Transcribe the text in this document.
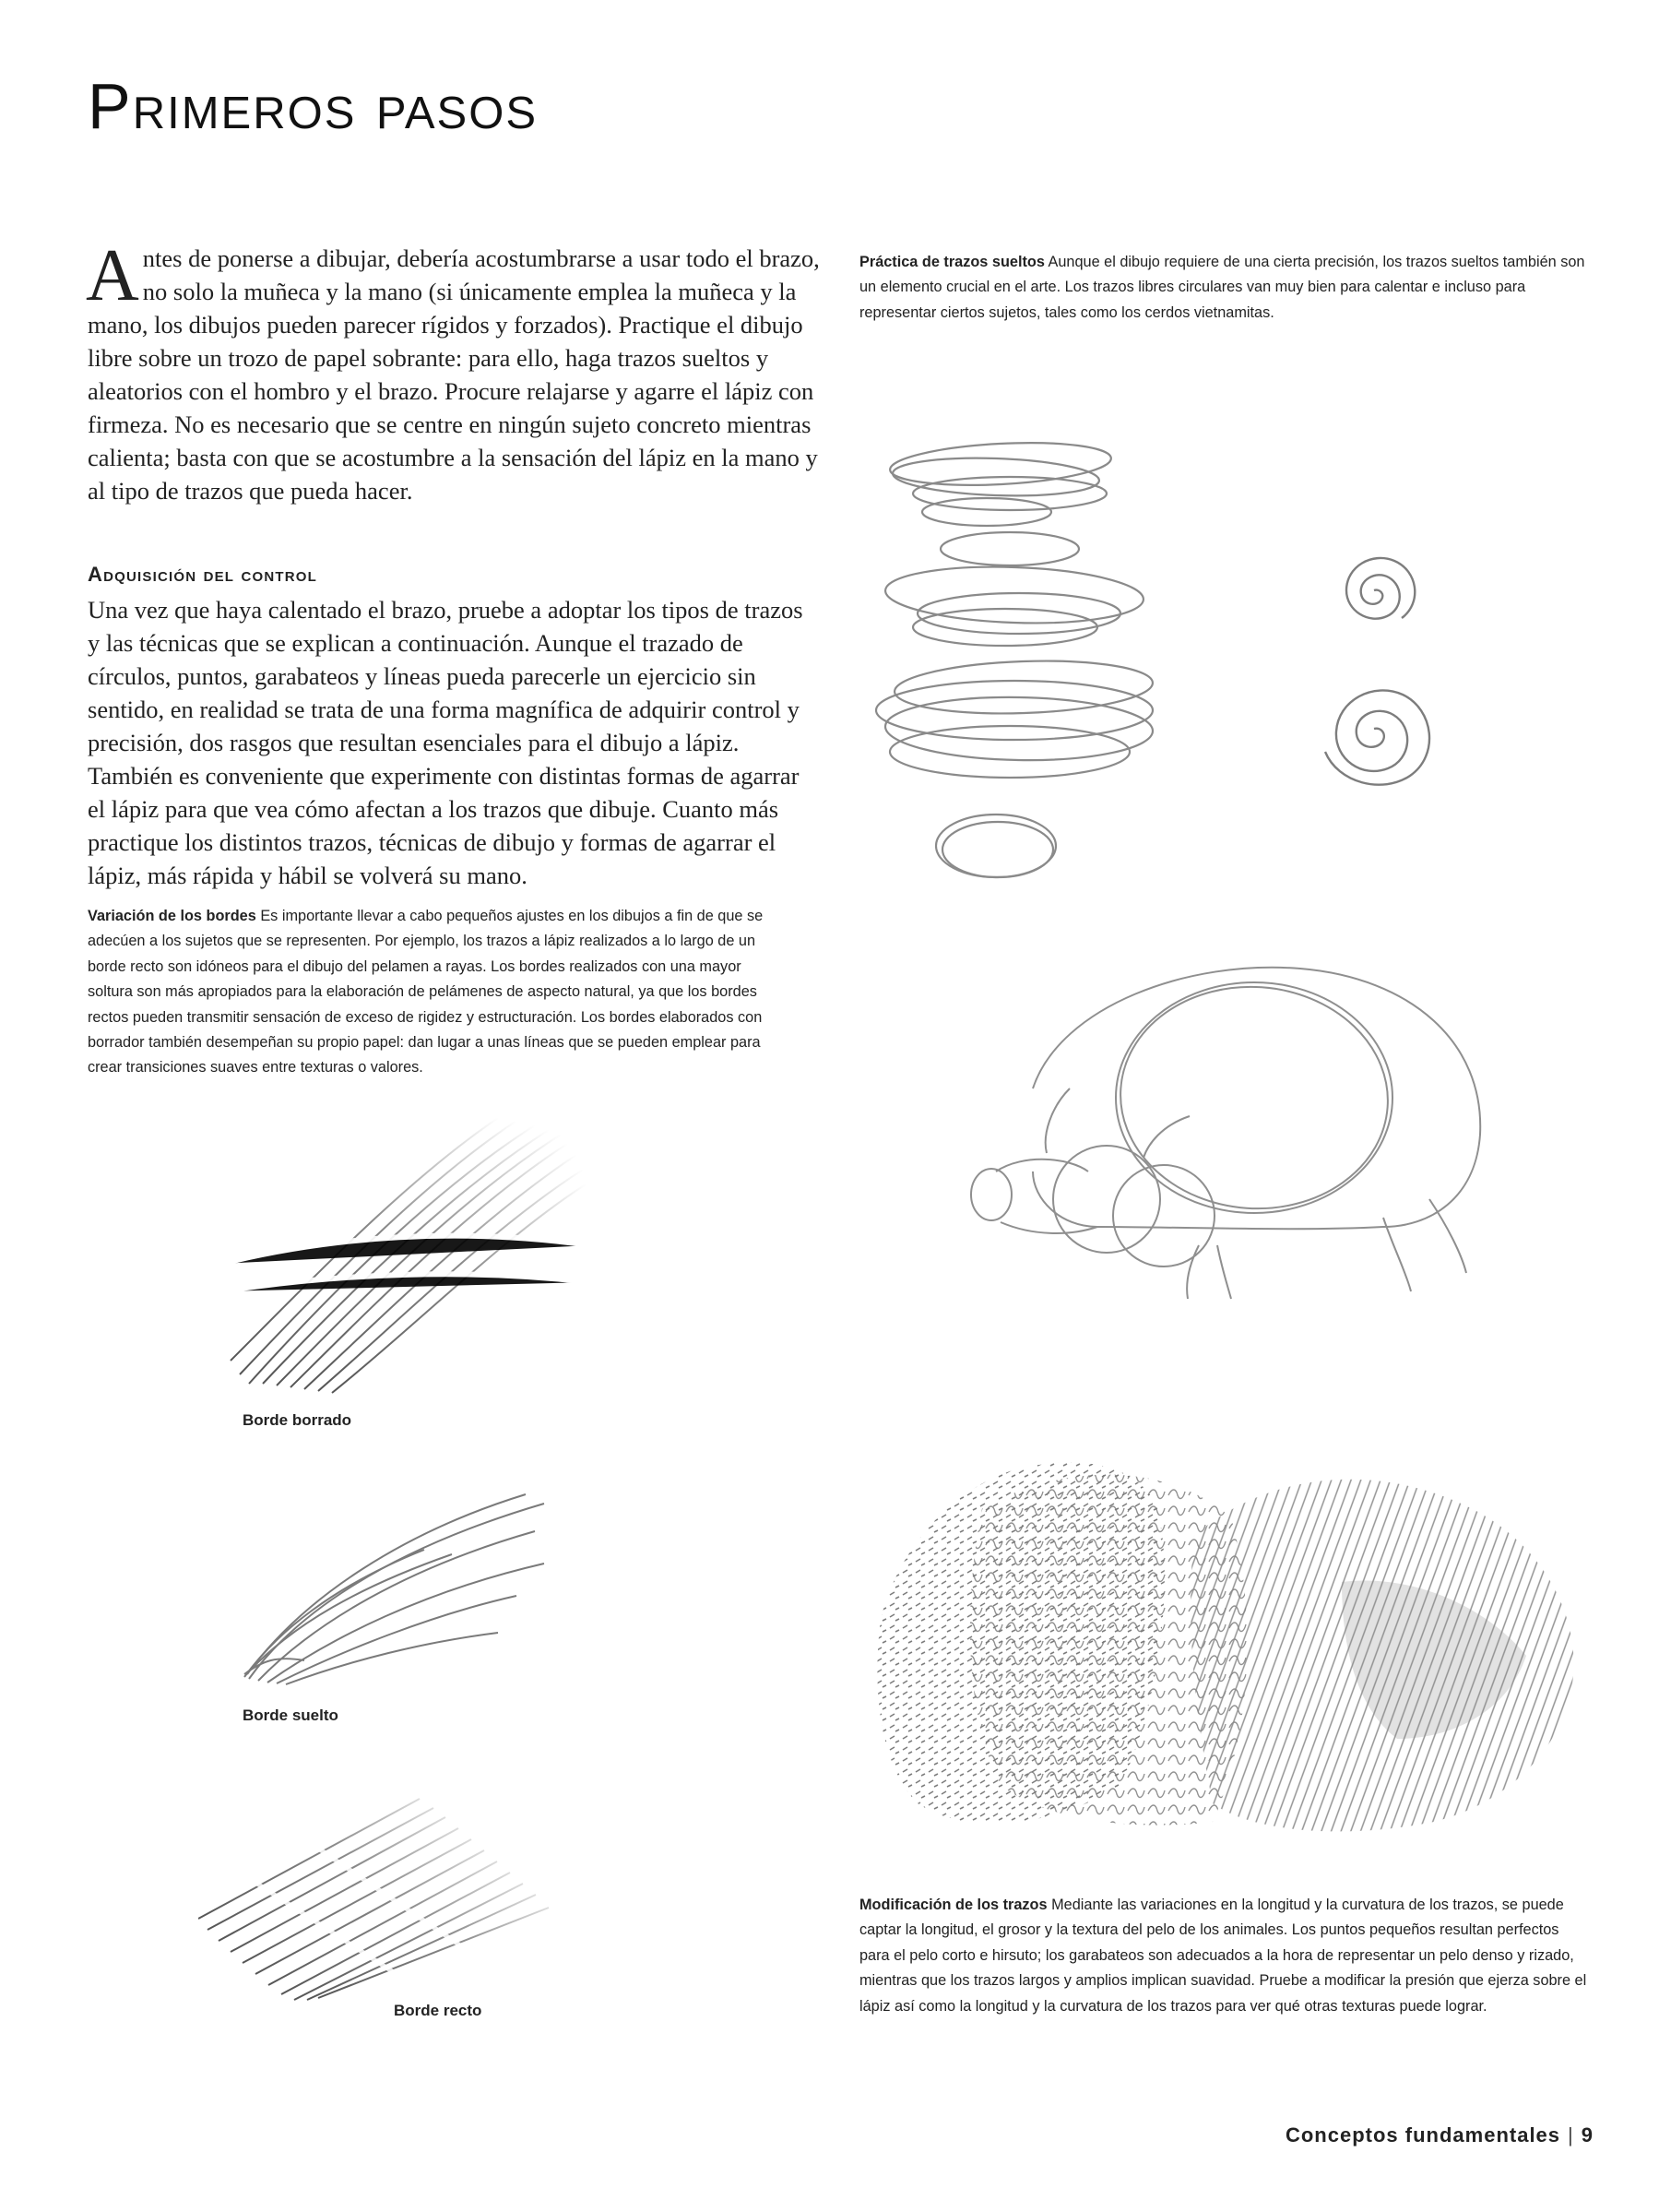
Primeros pasos

A ntes de ponerse a dibujar, debería acostumbrarse a usar todo el brazo, no solo la muñeca y la mano (si únicamente emplea la muñeca y la mano, los dibujos pueden parecer rígidos y forzados). Practique el dibujo libre sobre un trozo de papel sobrante: para ello, haga trazos sueltos y aleatorios con el hombro y el brazo. Procure relajarse y agarre el lápiz con firmeza. No es necesario que se centre en ningún sujeto concreto mientras calienta; basta con que se acostumbre a la sensación del lápiz en la mano y al tipo de trazos que pueda hacer.

Adquisición del control

Una vez que haya calentado el brazo, pruebe a adoptar los tipos de trazos y las técnicas que se explican a continuación. Aunque el trazado de círculos, puntos, garabateos y líneas pueda parecerle un ejercicio sin sentido, en realidad se trata de una forma magnífica de adquirir control y precisión, dos rasgos que resultan esenciales para el dibujo a lápiz. También es conveniente que experimente con distintas formas de agarrar el lápiz para que vea cómo afectan a los trazos que dibuje. Cuanto más practique los distintos trazos, técnicas de dibujo y formas de agarrar el lápiz, más rápida y hábil se volverá su mano.

Variación de los bordes Es importante llevar a cabo pequeños ajustes en los dibujos a fin de que se adecúen a los sujetos que se representen. Por ejemplo, los trazos a lápiz realizados a lo largo de un borde recto son idóneos para el dibujo del pelamen a rayas. Los bordes realizados con una mayor soltura son más apropiados para la elaboración de pelámenes de aspecto natural, ya que los bordes rectos pueden transmitir sensación de exceso de rigidez y estructuración. Los bordes elaborados con borrador también desempeñan su propio papel: dan lugar a unas líneas que se pueden emplear para crear transiciones suaves entre texturas o valores.

Práctica de trazos sueltos Aunque el dibujo requiere de una cierta precisión, los trazos sueltos también son un elemento crucial en el arte. Los trazos libres circulares van muy bien para calentar e incluso para representar ciertos sujetos, tales como los cerdos vietnamitas.

Modificación de los trazos Mediante las variaciones en la longitud y la curvatura de los trazos, se puede captar la longitud, el grosor y la textura del pelo de los animales. Los puntos pequeños resultan perfectos para el pelo corto e hirsuto; los garabateos son adecuados a la hora de representar un pelo denso y rizado, mientras que los trazos largos y amplios implican suavidad. Pruebe a modificar la presión que ejerza sobre el lápiz así como la longitud y la curvatura de los trazos para ver qué otras texturas puede lograr.

Borde borrado

Borde suelto

Borde recto

Conceptos fundamentales | 9
